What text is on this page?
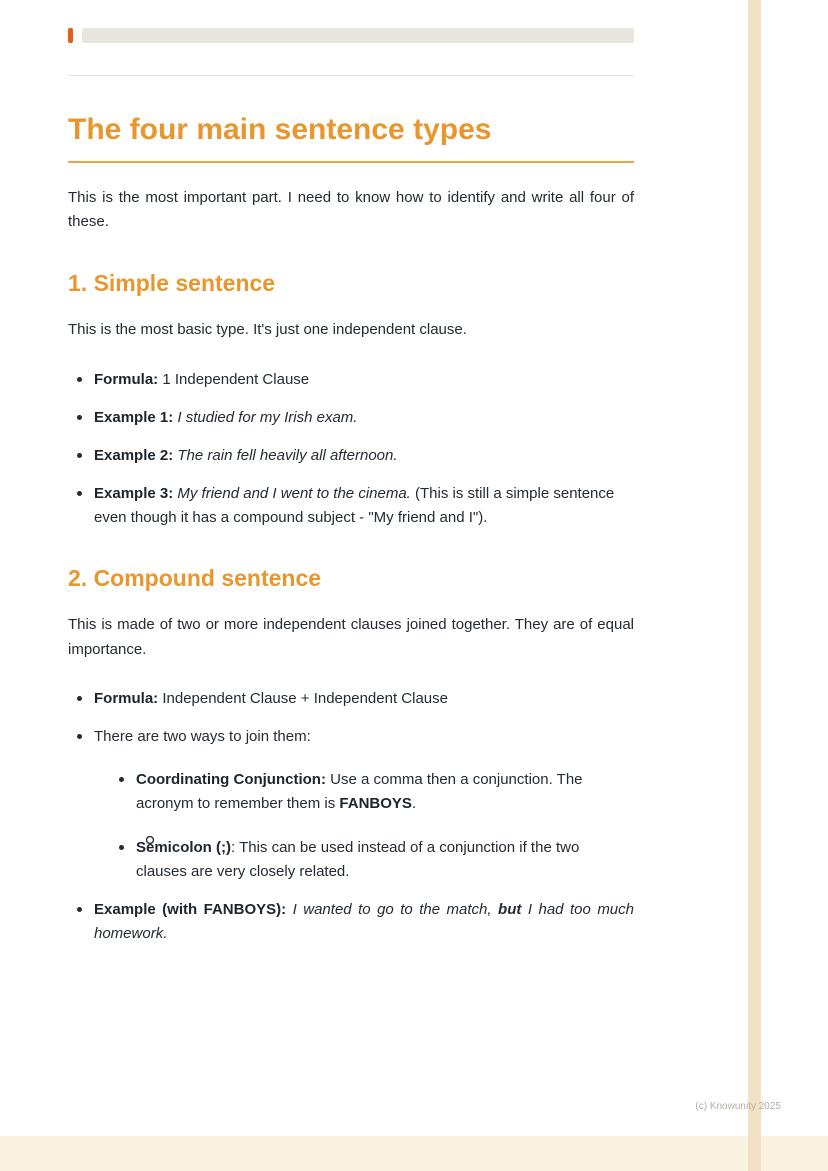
The four main sentence types

This is the most important part. I need to know how to identify and write all four of these.

1. Simple sentence

This is the most basic type. It's just one independent clause.

Formula: 1 Independent Clause
Example 1: I studied for my Irish exam.
Example 2: The rain fell heavily all afternoon.
Example 3: My friend and I went to the cinema. (This is still a simple sentence even though it has a compound subject - "My friend and I").
2. Compound sentence

This is made of two or more independent clauses joined together. They are of equal importance.

Formula: Independent Clause + Independent Clause
There are two ways to join them:
Coordinating Conjunction: Use a comma then a conjunction. The acronym to remember them is FANBOYS.
Semicolon (;): This can be used instead of a conjunction if the two clauses are very closely related.
Example (with FANBOYS): I wanted to go to the match, but I had too much homework.
(c) Knowunity 2025
